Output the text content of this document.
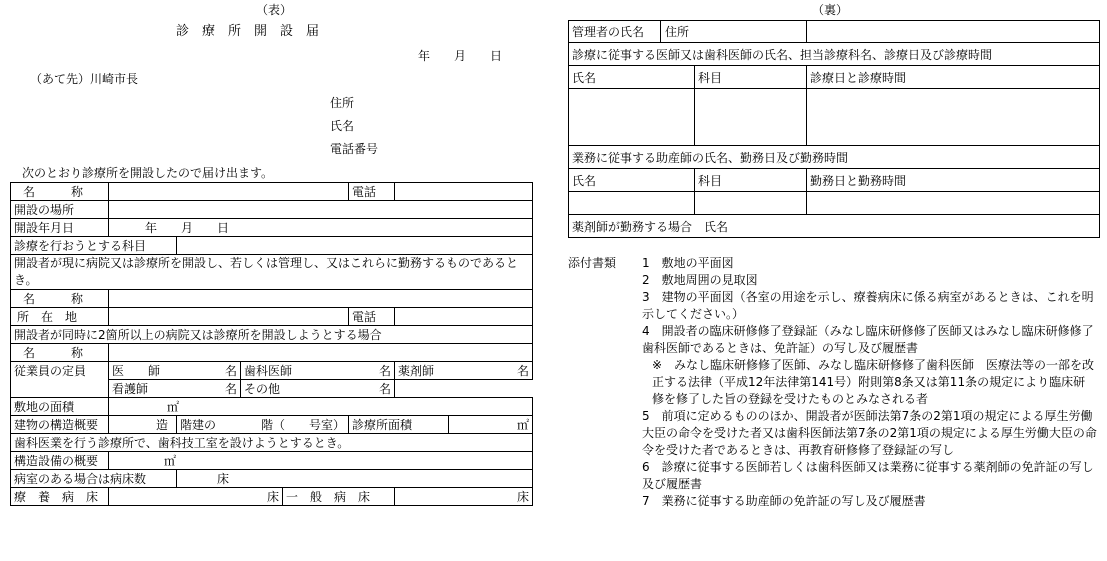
（表）
診　療　所　開　設　届
年　　月　　日
（あて先）川崎市長
住所
氏名
電話番号
次のとおり診療所を開設したので届け出ます。
名　　　称					電話		
開設の場所							
開設年月日	年　　月　　日						
診療を行おうとする科目							
開設者が現に病院又は診療所を開設し、若しくは管理し、又はこれらに勤務するものであるとき。							
名　　　称							
所　在　地					電話		
開設者が同時に2箇所以上の病院又は診療所を開設しようとする場合							
名　　　称							
従業員の定員	医　　師	名	歯科医師		名	薬剤師	名
	看護師	名	その他		名		
敷地の面積	㎡						
建物の構造概要	造	階建の	階（　　号室）		診療所面積		㎡
歯科医業を行う診療所で、歯科技工室を設けようとするとき。							
構造設備の概要	㎡						
病室のある場合は病床数		床					
療　養　病　床	床			一　般　病　床		床	
（裏）
管理者の氏名	住所		
診療に従事する医師又は歯科医師の氏名、担当診療科名、診療日及び診療時間			
氏名		科目	診療日と診療時間

業務に従事する助産師の氏名、勤務日及び勤務時間			
氏名		科目	勤務日と勤務時間

薬剤師が勤務する場合　氏名			
添付書類 1　敷地の平面図
2　敷地周囲の見取図
3　建物の平面図（各室の用途を示し、療養病床に係る病室があるときは、これを明示してください。）
4　開設者の臨床研修修了登録証（みなし臨床研修修了医師又はみなし臨床研修修了歯科医師であるときは、免許証）の写し及び履歴書
※　みなし臨床研修修了医師、みなし臨床研修修了歯科医師　医療法等の一部を改正する法律（平成12年法律第141号）附則第8条又は第11条の規定により臨床研修を修了した旨の登録を受けたものとみなされる者
5　前項に定めるもののほか、開設者が医師法第7条の2第1項の規定による厚生労働大臣の命令を受けた者又は歯科医師法第7条の2第1項の規定による厚生労働大臣の命令を受けた者であるときは、再教育研修修了登録証の写し
6　診療に従事する医師若しくは歯科医師又は業務に従事する薬剤師の免許証の写し及び履歴書
7　業務に従事する助産師の免許証の写し及び履歴書
